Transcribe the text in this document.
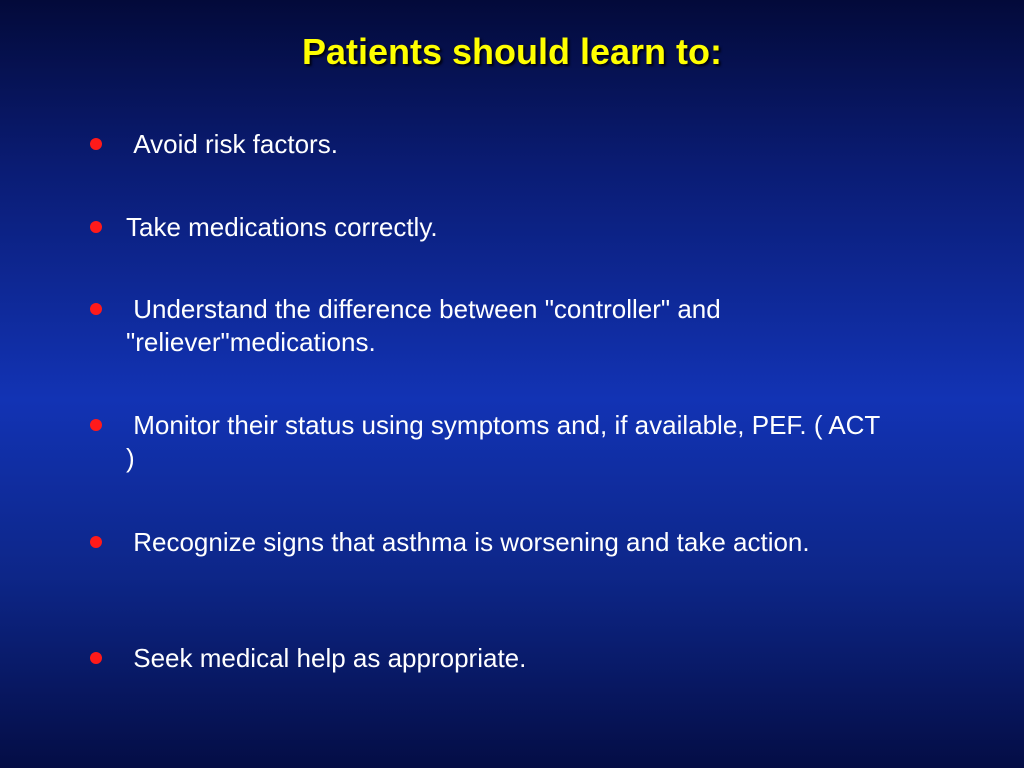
Patients should learn to:
Avoid risk factors.
Take medications correctly.
Understand the difference between "controller" and "reliever"medications.
Monitor their status using symptoms and, if available, PEF. ( ACT )
Recognize signs that asthma is worsening and take action.
Seek medical help as appropriate.
